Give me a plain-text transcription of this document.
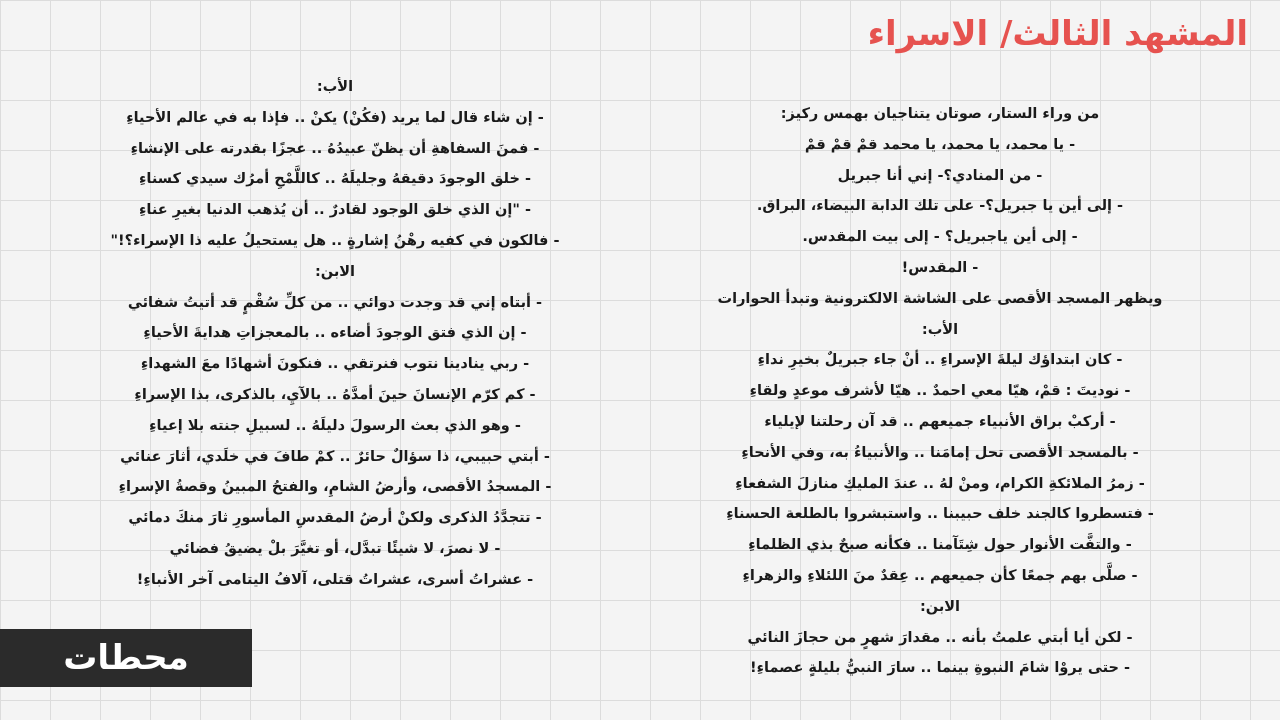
المشهد الثالث/ الاسراء
من وراء الستار، صوتان يتناجيان بهمس ركيز:
- يا محمد، يا محمد، يا محمد قمْ قمْ قمْ
- من المنادي؟- إني أنا جبريل
- إلى أين يا جبريل؟- على تلك الدابة البيضاء، البراق.
- إلى أين ياجبريل؟ - إلى بيت المقدس.
- المقدس!
ويظهر المسجد الأقصى على الشاشة الالكترونية وتبدأ الحوارات
الأب:
- كان ابتداؤك ليلةَ الإسراءِ .. أنْ جاء جبريلٌ بخيرِ نداءِ
- نوديتَ : قمْ، هيّا معي احمدٌ .. هيّا لأشرف موعدٍ ولقاءِ
- أركبْ براق الأنبياء جميعهم .. قد آن رحلتنا لإيلياء
- بالمسجد الأقصى تحل إمامَنا .. والأنبياءُ به، وفي الأنحاءِ
- زمرُ الملائكةِ الكرام، ومنْ لهُ .. عندَ المليكِ منازلَ الشفعاءِ
- فتسطروا كالجند خلف حبيبنا .. واستبشروا بالطلعة الحسناءِ
- والتفَّت الأنوار حول شِتَآمنا .. فكأنه صبحٌ بذي الظلماءِ
- صلَّى بهم جمعًا كأن جميعهم .. عِقدٌ منَ اللئلاءِ والزهراءِ
الابن:
- لكن أيا أبتي علمتُ بأنه .. مقدارَ شهرٍ من حجازَ النائي
- حتى يروْا شامَ النبوةِ بينما .. سارَ النبيُّ بليلةٍ عصماءِ!
الأب:
- إن شاء قال لما يريد (فكُنْ) يكنْ .. فإذا به في عالم الأحياءِ
- فمنَ السفاهةِ أن يظنّ عبيدُهُ .. عجزًا بقدرته على الإنشاءِ
- خلق الوجودَ دقيقهُ وجليلَهُ .. كاللَّمْحِ أمرُك سيدي كسناءِ
- "إن الذي خلق الوجود لقادرٌ .. أن يُذهب الدنيا بغيرِ عناءِ
- فالكون في كفيه رهْنُ إشارةٍ .. هل يستحيلُ عليه ذا الإسراء؟!"
الابن:
- أبتاه إني قد وجدت دوائي .. من كلِّ سُقْمٍ قد أتيتُ شفائي
- إن الذي فتق الوجودَ أضاءه .. بالمعجزاتِ هدايةَ الأحياءِ
- ربي ينادينا نتوب فنرتقي .. فنكونَ أشهادًا معَ الشهداءِ
- كم كرّم الإنسانَ حينَ أمدَّهُ .. بالآيِ، بالذكرى، بذا الإسراءِ
- وهو الذي بعث الرسولَ دليلَهُ .. لسبيلِ جنته بلا إعياءِ
- أبتي حبيبي، ذا سؤالٌ حائرٌ .. كمْ طافَ في خلَدي، أثارَ عنائي
- المسجدُ الأقصى، وأرضُ الشامِ، والفتحُ المبينُ وقصةُ الإسراءِ
- تتجدَّدُ الذكرى ولكنْ أرضُ المقدسِ المأسورِ ثارَ منكَ دمائي
- لا نصرَ، لا شيئًا تبدَّل، أو تغيَّرَ بلْ يضيقُ فضائي
- عشراتُ أسرى، عشراتُ قتلى، آلافُ اليتامى آخر الأنباءِ!
محطات
